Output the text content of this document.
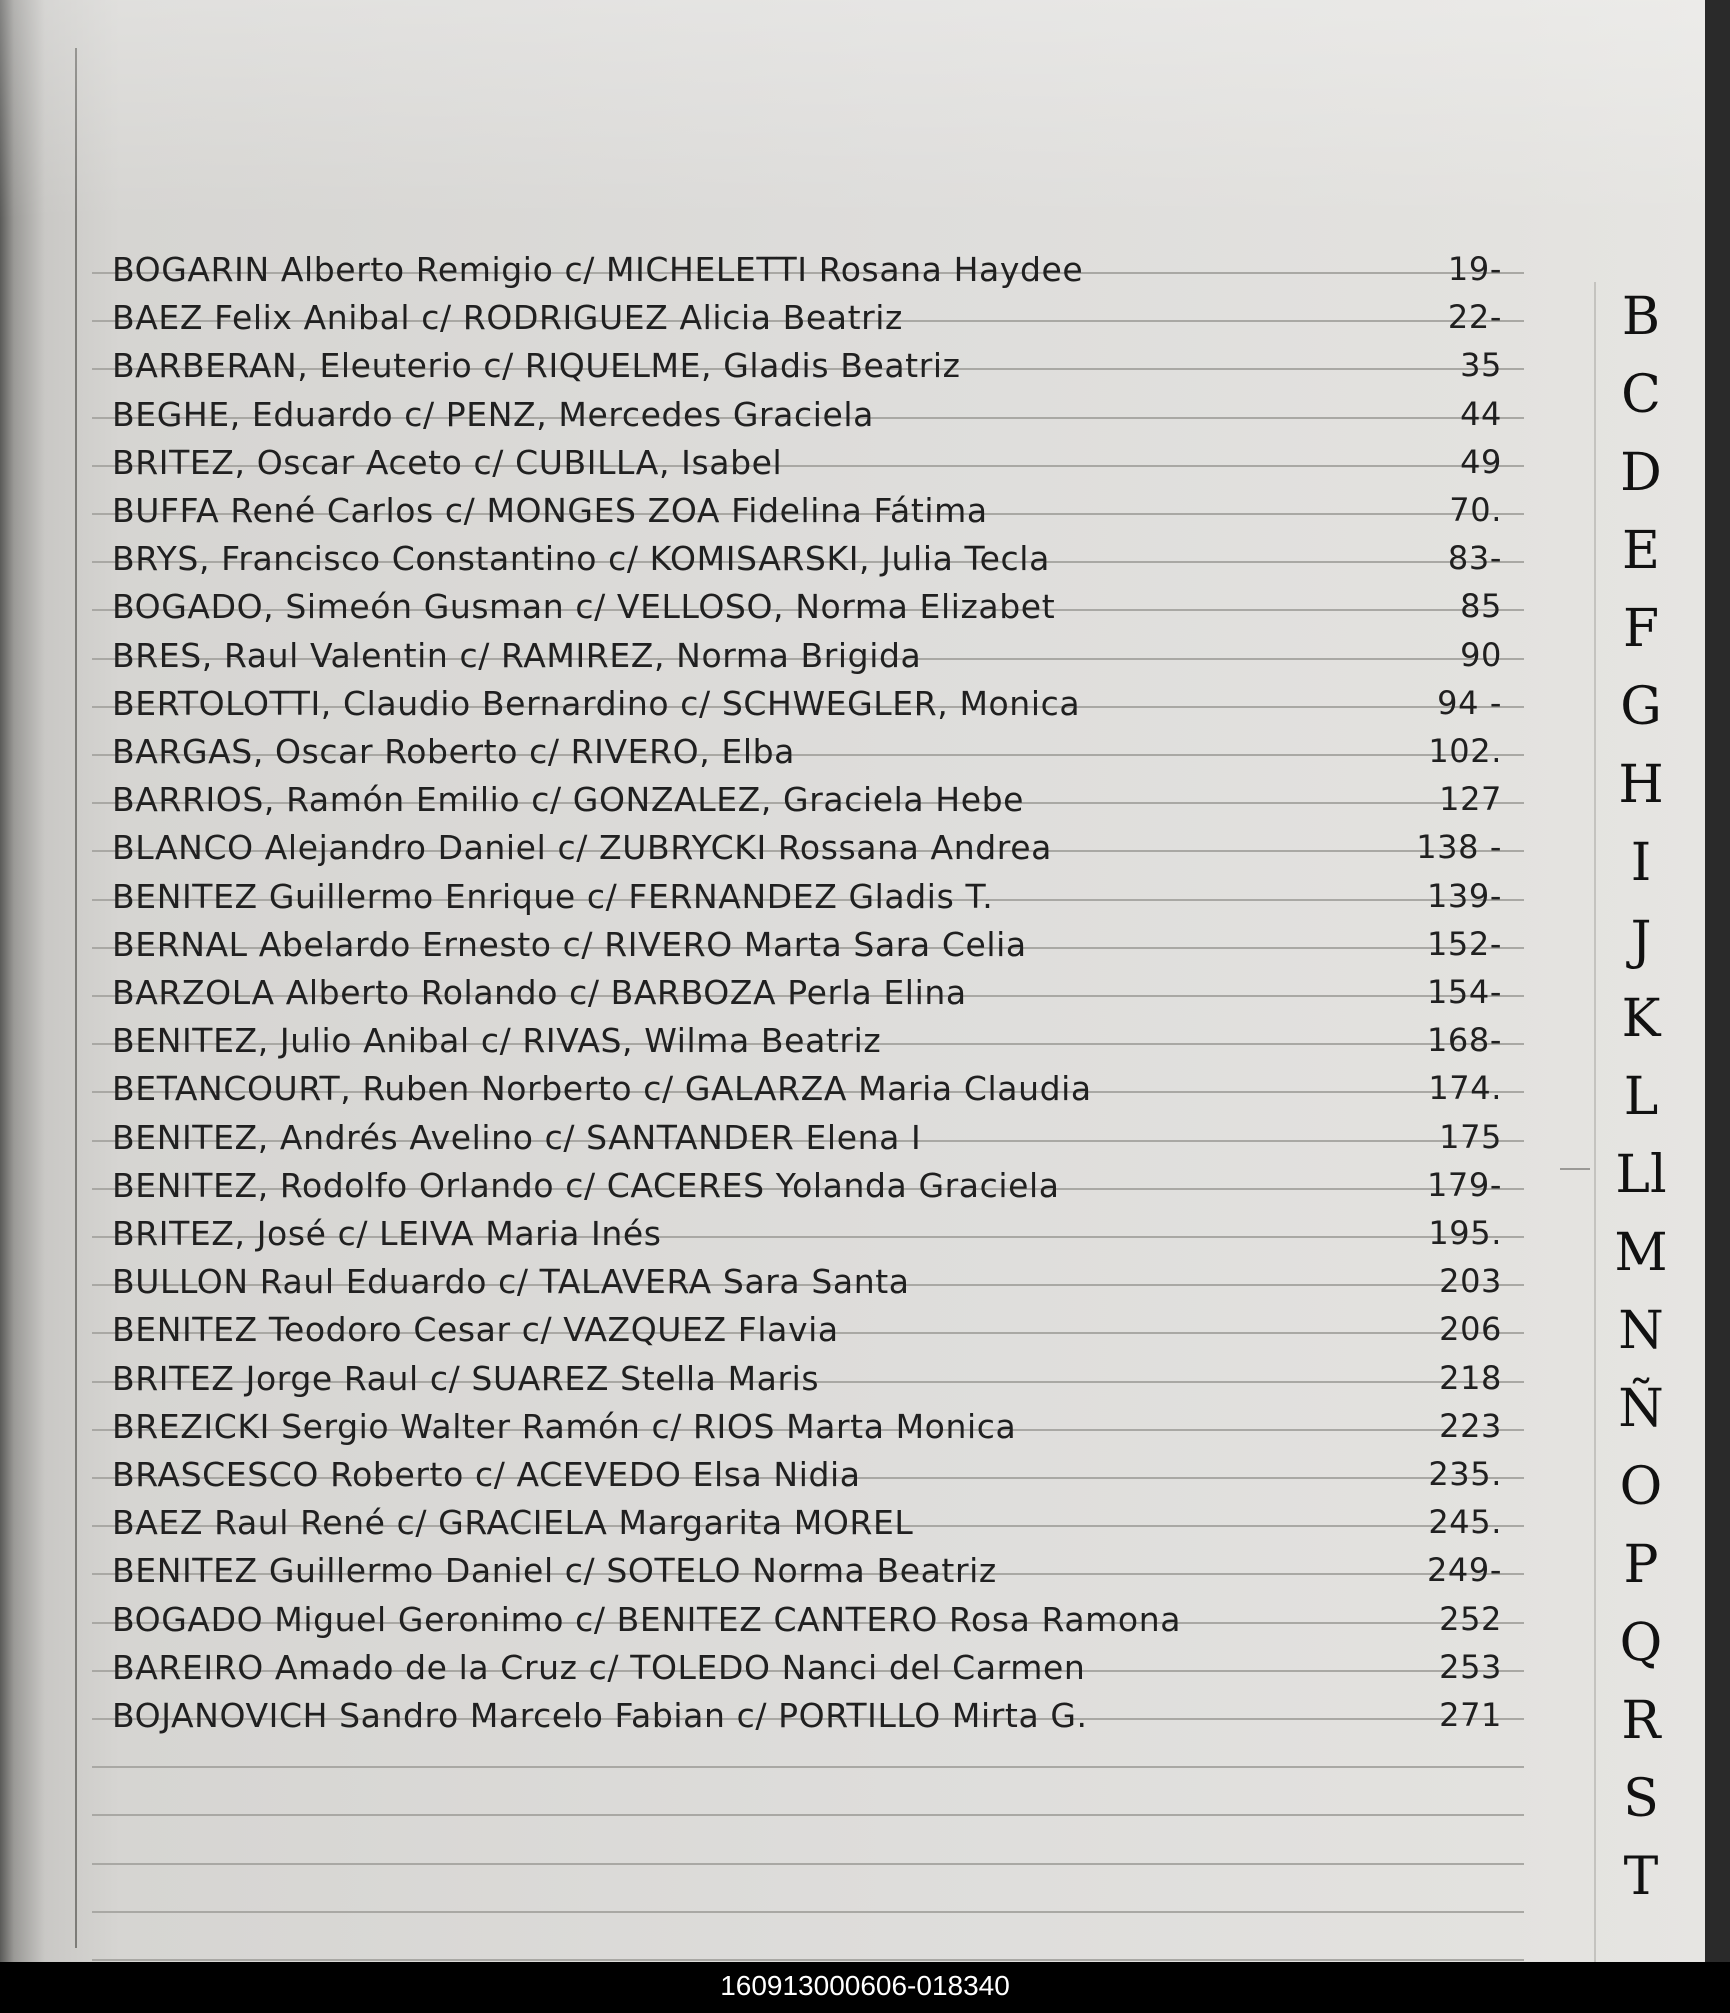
BOGARIN Alberto Remigio c/ MICHELETTI Rosana Haydee	19-
BAEZ Felix Anibal c/ RODRIGUEZ Alicia Beatriz	22-
BARBERAN, Eleuterio c/ RIQUELME, Gladis Beatriz	35
BEGHE, Eduardo c/ PENZ, Mercedes Graciela	44
BRITEZ, Oscar Aceto c/ CUBILLA, Isabel	49
BUFFA René Carlos c/ MONGES ZOA Fidelina Fátima	70.
BRYS, Francisco Constantino c/ KOMISARSKI, Julia Tecla	83-
BOGADO, Simeón Gusman c/ VELLOSO, Norma Elizabet	85
BRES, Raul Valentin c/ RAMIREZ, Norma Brigida	90
BERTOLOTTI, Claudio Bernardino c/ SCHWEGLER, Monica	94 -
BARGAS, Oscar Roberto c/ RIVERO, Elba	102.
BARRIOS, Ramón Emilio c/ GONZALEZ, Graciela Hebe	127
BLANCO Alejandro Daniel c/ ZUBRYCKI Rossana Andrea	138 -
BENITEZ Guillermo Enrique c/ FERNANDEZ Gladis T.	139-
BERNAL Abelardo Ernesto c/ RIVERO Marta Sara Celia	152-
BARZOLA Alberto Rolando c/ BARBOZA Perla Elina	154-
BENITEZ, Julio Anibal c/ RIVAS, Wilma Beatriz	168-
BETANCOURT, Ruben Norberto c/ GALARZA Maria Claudia	174.
BENITEZ, Andrés Avelino c/ SANTANDER Elena I	175
BENITEZ, Rodolfo Orlando c/ CACERES Yolanda Graciela	179-
BRITEZ, José c/ LEIVA Maria Inés	195.
BULLON Raul Eduardo c/ TALAVERA Sara Santa	203
BENITEZ Teodoro Cesar c/ VAZQUEZ Flavia	206
BRITEZ Jorge Raul c/ SUAREZ Stella Maris	218
BREZICKI Sergio Walter Ramón c/ RIOS Marta Monica	223
BRASCESCO Roberto c/ ACEVEDO Elsa Nidia	235.
BAEZ Raul René c/ GRACIELA Margarita MOREL	245.
BENITEZ Guillermo Daniel c/ SOTELO Norma Beatriz	249-
BOGADO Miguel Geronimo c/ BENITEZ CANTERO Rosa Ramona	252
BAREIRO Amado de la Cruz c/ TOLEDO Nanci del Carmen	253
BOJANOVICH Sandro Marcelo Fabian c/ PORTILLO Mirta G.	271
B
C
D
E
F
G
H
I
J
K
L
Ll
M
N
Ñ
O
P
Q
R
S
T
160913000606-018340
